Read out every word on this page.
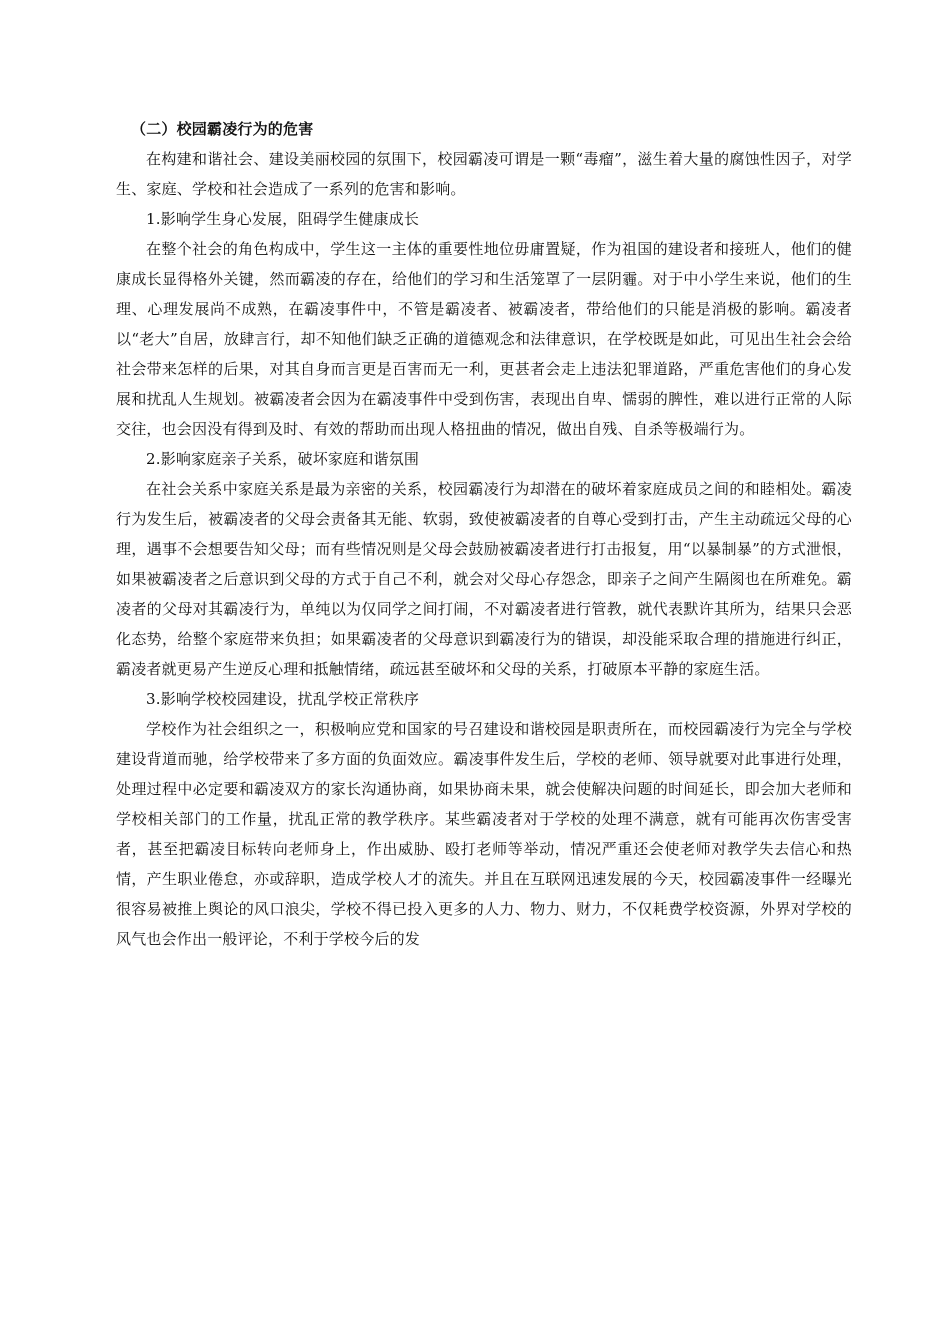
（二）校园霸凌行为的危害

在构建和谐社会、建设美丽校园的氛围下，校园霸凌可谓是一颗“毒瘤”，滋生着大量的腐蚀性因子，对学生、家庭、学校和社会造成了一系列的危害和影响。

1.影响学生身心发展，阻碍学生健康成长

在整个社会的角色构成中，学生这一主体的重要性地位毋庸置疑，作为祖国的建设者和接班人，他们的健康成长显得格外关键，然而霸凌的存在，给他们的学习和生活笼罩了一层阴霾。对于中小学生来说，他们的生理、心理发展尚不成熟，在霸凌事件中，不管是霸凌者、被霸凌者，带给他们的只能是消极的影响。霸凌者以“老大”自居，放肆言行，却不知他们缺乏正确的道德观念和法律意识，在学校既是如此，可见出生社会会给社会带来怎样的后果，对其自身而言更是百害而无一利，更甚者会走上违法犯罪道路，严重危害他们的身心发展和扰乱人生规划。被霸凌者会因为在霸凌事件中受到伤害，表现出自卑、懦弱的脾性，难以进行正常的人际交往，也会因没有得到及时、有效的帮助而出现人格扭曲的情况，做出自残、自杀等极端行为。

2.影响家庭亲子关系，破坏家庭和谐氛围

在社会关系中家庭关系是最为亲密的关系，校园霸凌行为却潜在的破坏着家庭成员之间的和睦相处。霸凌行为发生后，被霸凌者的父母会责备其无能、软弱，致使被霸凌者的自尊心受到打击，产生主动疏远父母的心理，遇事不会想要告知父母；而有些情况则是父母会鼓励被霸凌者进行打击报复，用“以暴制暴”的方式泄恨，如果被霸凌者之后意识到父母的方式于自己不利，就会对父母心存怨念，即亲子之间产生隔阂也在所难免。霸凌者的父母对其霸凌行为，单纯以为仅同学之间打闹，不对霸凌者进行管教，就代表默许其所为，结果只会恶化态势，给整个家庭带来负担；如果霸凌者的父母意识到霸凌行为的错误，却没能采取合理的措施进行纠正，霸凌者就更易产生逆反心理和抵触情绪，疏远甚至破坏和父母的关系，打破原本平静的家庭生活。

3.影响学校校园建设，扰乱学校正常秩序

学校作为社会组织之一，积极响应党和国家的号召建设和谐校园是职责所在，而校园霸凌行为完全与学校建设背道而驰，给学校带来了多方面的负面效应。霸凌事件发生后，学校的老师、领导就要对此事进行处理，处理过程中必定要和霸凌双方的家长沟通协商，如果协商未果，就会使解决问题的时间延长，即会加大老师和学校相关部门的工作量，扰乱正常的教学秩序。某些霸凌者对于学校的处理不满意，就有可能再次伤害受害者，甚至把霸凌目标转向老师身上，作出威胁、殴打老师等举动，情况严重还会使老师对教学失去信心和热情，产生职业倦怠，亦或辞职，造成学校人才的流失。并且在互联网迅速发展的今天，校园霸凌事件一经曝光很容易被推上舆论的风口浪尖，学校不得已投入更多的人力、物力、财力，不仅耗费学校资源，外界对学校的风气也会作出一般评论，不利于学校今后的发
